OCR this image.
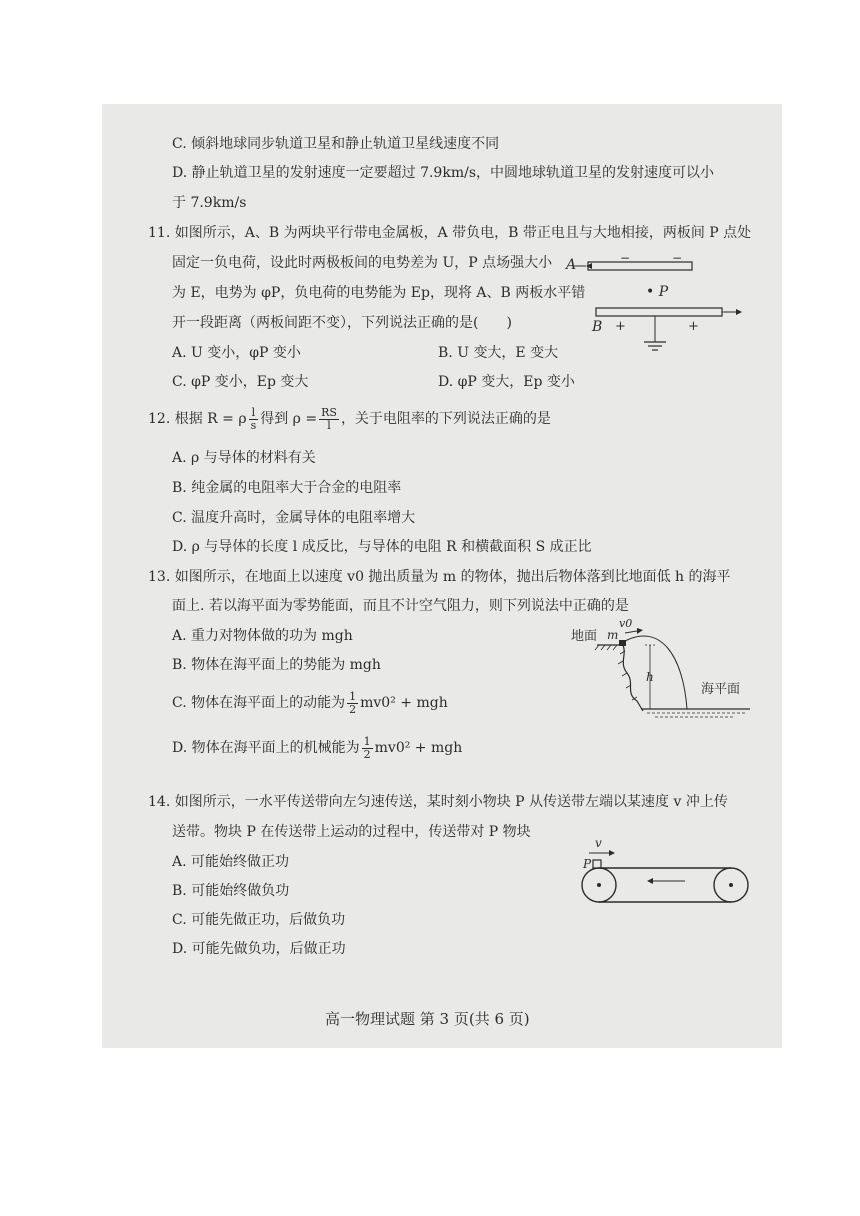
C. 倾斜地球同步轨道卫星和静止轨道卫星线速度不同
D. 静止轨道卫星的发射速度一定要超过 7.9km/s，中圆地球轨道卫星的发射速度可以小
于 7.9km/s
11. 如图所示，A、B 为两块平行带电金属板，A 带负电，B 带正电且与大地相接，两板间 P 点处
固定一负电荷，设此时两极板间的电势差为 U，P 点场强大小
为 E，电势为 φP，负电荷的电势能为 Ep，现将 A、B 两板水平错
开一段距离（两板间距不变），下列说法正确的是(　　)
A. U 变小，φP 变小	B. U 变大，E 变大
C. φP 变小，Ep 变大	D. φP 变大，Ep 变小
A	−	−
• P
B +	+
12. 根据 R = ρ $\frac{l}{s}$ 得到 $\rho = \frac{RS}{l}$ ，关于电阻率的下列说法正确的是
A. ρ 与导体的材料有关
B. 纯金属的电阻率大于合金的电阻率
C. 温度升高时，金属导体的电阻率增大
D. ρ 与导体的长度 l 成反比，与导体的电阻 R 和横截面积 S 成正比
13. 如图所示，在地面上以速度 v0 抛出质量为 m 的物体，抛出后物体落到比地面低 h 的海平
面上. 若以海平面为零势能面，而且不计空气阻力，则下列说法中正确的是
A. 重力对物体做的功为 mgh
B. 物体在海平面上的势能为 mgh
C. 物体在海平面上的动能为 $\frac{1}{2} mv0^2$ + mgh
D. 物体在海平面上的机械能为 $\frac{1}{2} mv0^2$ + mgh
地面 m
v0
h
海平面
14. 如图所示，一水平传送带向左匀速传送，某时刻小物块 P 从传送带左端以某速度 v 冲上传
送带。物块 P 在传送带上运动的过程中，传送带对 P 物块
A. 可能始终做正功
B. 可能始终做负功
C. 可能先做正功，后做负功
D. 可能先做负功，后做正功
v
P
高一物理试题 第 3 页(共 6 页)
